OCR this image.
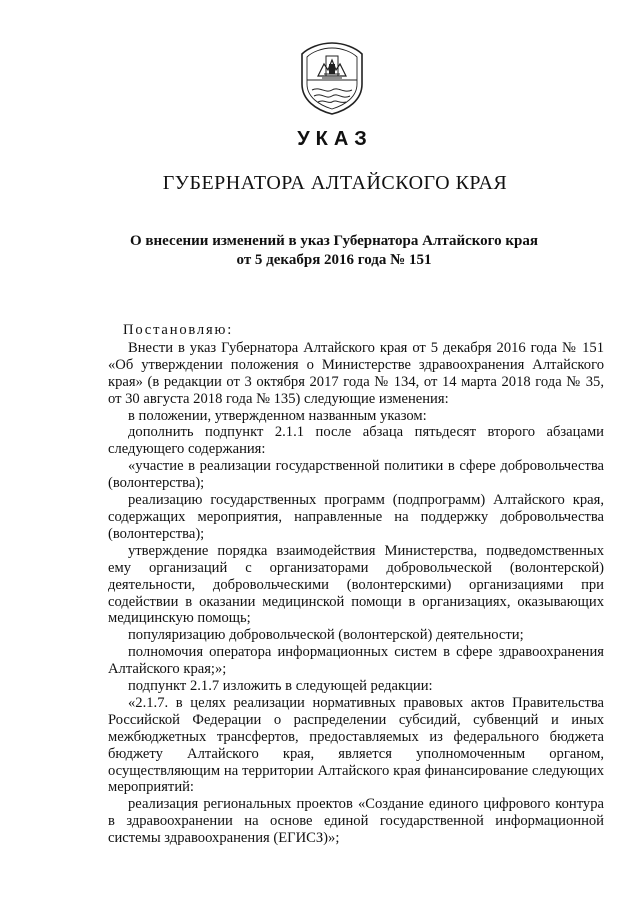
УКАЗ
ГУБЕРНАТОРА АЛТАЙСКОГО КРАЯ
О внесении изменений в указ Губернатора Алтайского края
от 5 декабря 2016 года № 151

Постановляю:

Внести в указ Губернатора Алтайского края от 5 декабря 2016 года № 151 «Об утверждении положения о Министерстве здравоохранения Алтайского края» (в редакции от 3 октября 2017 года № 134, от 14 марта 2018 года № 35, от 30 августа 2018 года № 135) следующие изменения:

в положении, утвержденном названным указом:

дополнить подпункт 2.1.1 после абзаца пятьдесят второго абзацами следующего содержания:

«участие в реализации государственной политики в сфере добровольчества (волонтерства);

реализацию государственных программ (подпрограмм) Алтайского края, содержащих мероприятия, направленные на поддержку добровольчества (волонтерства);

утверждение порядка взаимодействия Министерства, подведомственных ему организаций с организаторами добровольческой (волонтерской) деятельности, добровольческими (волонтерскими) организациями при содействии в оказании медицинской помощи в организациях, оказывающих медицинскую помощь;

популяризацию добровольческой (волонтерской) деятельности;

полномочия оператора информационных систем в сфере здравоохранения Алтайского края;»;

подпункт 2.1.7 изложить в следующей редакции:

«2.1.7. в целях реализации нормативных правовых актов Правительства Российской Федерации о распределении субсидий, субвенций и иных межбюджетных трансфертов, предоставляемых из федерального бюджета бюджету Алтайского края, является уполномоченным органом, осуществляющим на территории Алтайского края финансирование следующих мероприятий:

реализация региональных проектов «Создание единого цифрового контура в здравоохранении на основе единой государственной информационной системы здравоохранения (ЕГИСЗ)»;
